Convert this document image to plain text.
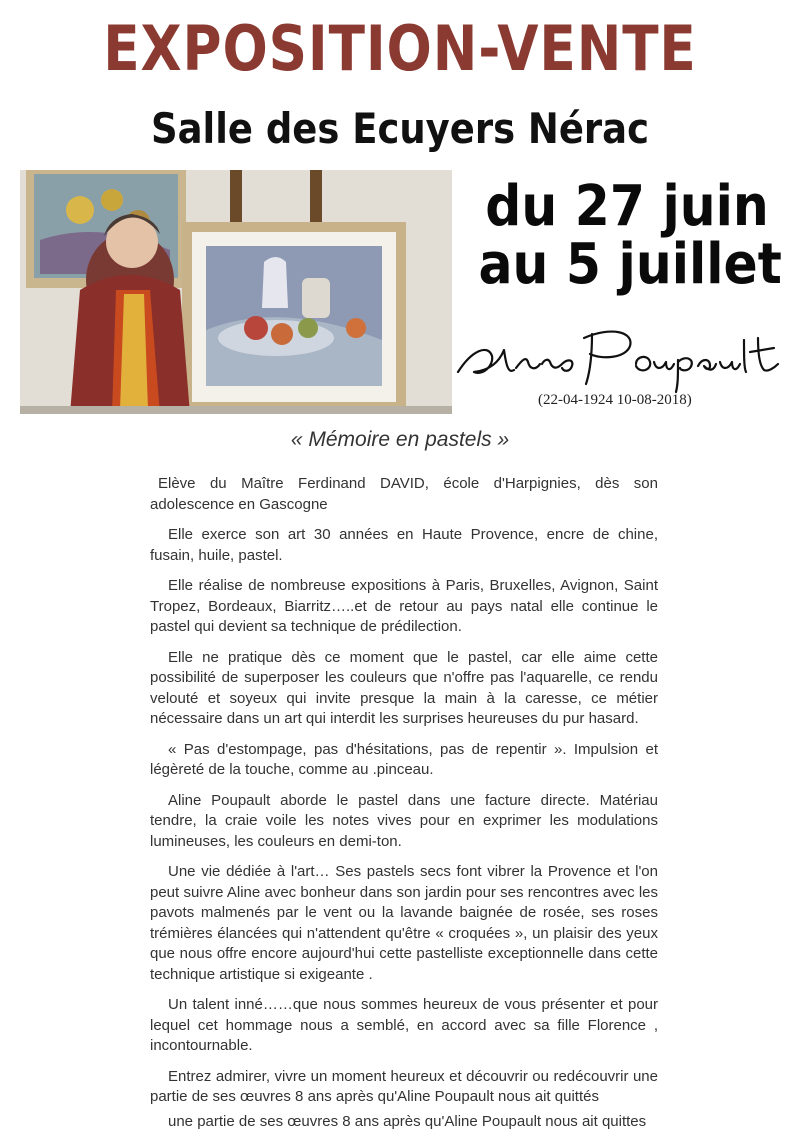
EXPOSITION-VENTE
Salle des Ecuyers Nérac
du 27 juin
au 5 juillet
(22-04-1924 10-08-2018)
« Mémoire en pastels »

Elève du Maître Ferdinand DAVID, école d'Harpignies, dès son adolescence en Gascogne

Elle exerce son art 30 années en Haute Provence, encre de chine, fusain, huile, pastel.

Elle réalise de nombreuse expositions à Paris, Bruxelles, Avignon, Saint Tropez, Bordeaux, Biarritz…..et de retour au pays natal elle continue le pastel qui devient sa technique de prédilection.

Elle ne pratique dès ce moment que le pastel, car elle aime cette possibilité de superposer les couleurs que n'offre pas l'aquarelle, ce rendu velouté et soyeux qui invite presque la main à la caresse, ce métier nécessaire dans un art qui interdit les surprises heureuses du pur hasard.

« Pas d'estompage, pas d'hésitations, pas de repentir ». Impulsion et légèreté de la touche, comme au .pinceau.

Aline Poupault aborde le pastel dans une facture directe. Matériau tendre, la craie voile les notes vives pour en exprimer les modulations lumineuses, les couleurs en demi-ton.

Une vie dédiée à l'art… Ses pastels secs font vibrer la Provence et l'on peut suivre Aline avec bonheur dans son jardin pour ses rencontres avec les pavots malmenés par le vent ou la lavande baignée de rosée, ses roses trémières élancées qui n'attendent qu'être « croquées », un plaisir des yeux que nous offre encore aujourd'hui cette pastelliste exceptionnelle dans cette technique artistique si exigeante .

Un talent inné……que nous sommes heureux de vous présenter et pour lequel cet hommage nous a semblé, en accord avec sa fille Florence , incontournable.

Entrez admirer, vivre un moment heureux et découvrir ou redécouvrir une partie de ses œuvres 8 ans après qu'Aline Poupault nous ait quittés

une partie de ses œuvres 8 ans après qu'Aline Poupault nous ait quittes
